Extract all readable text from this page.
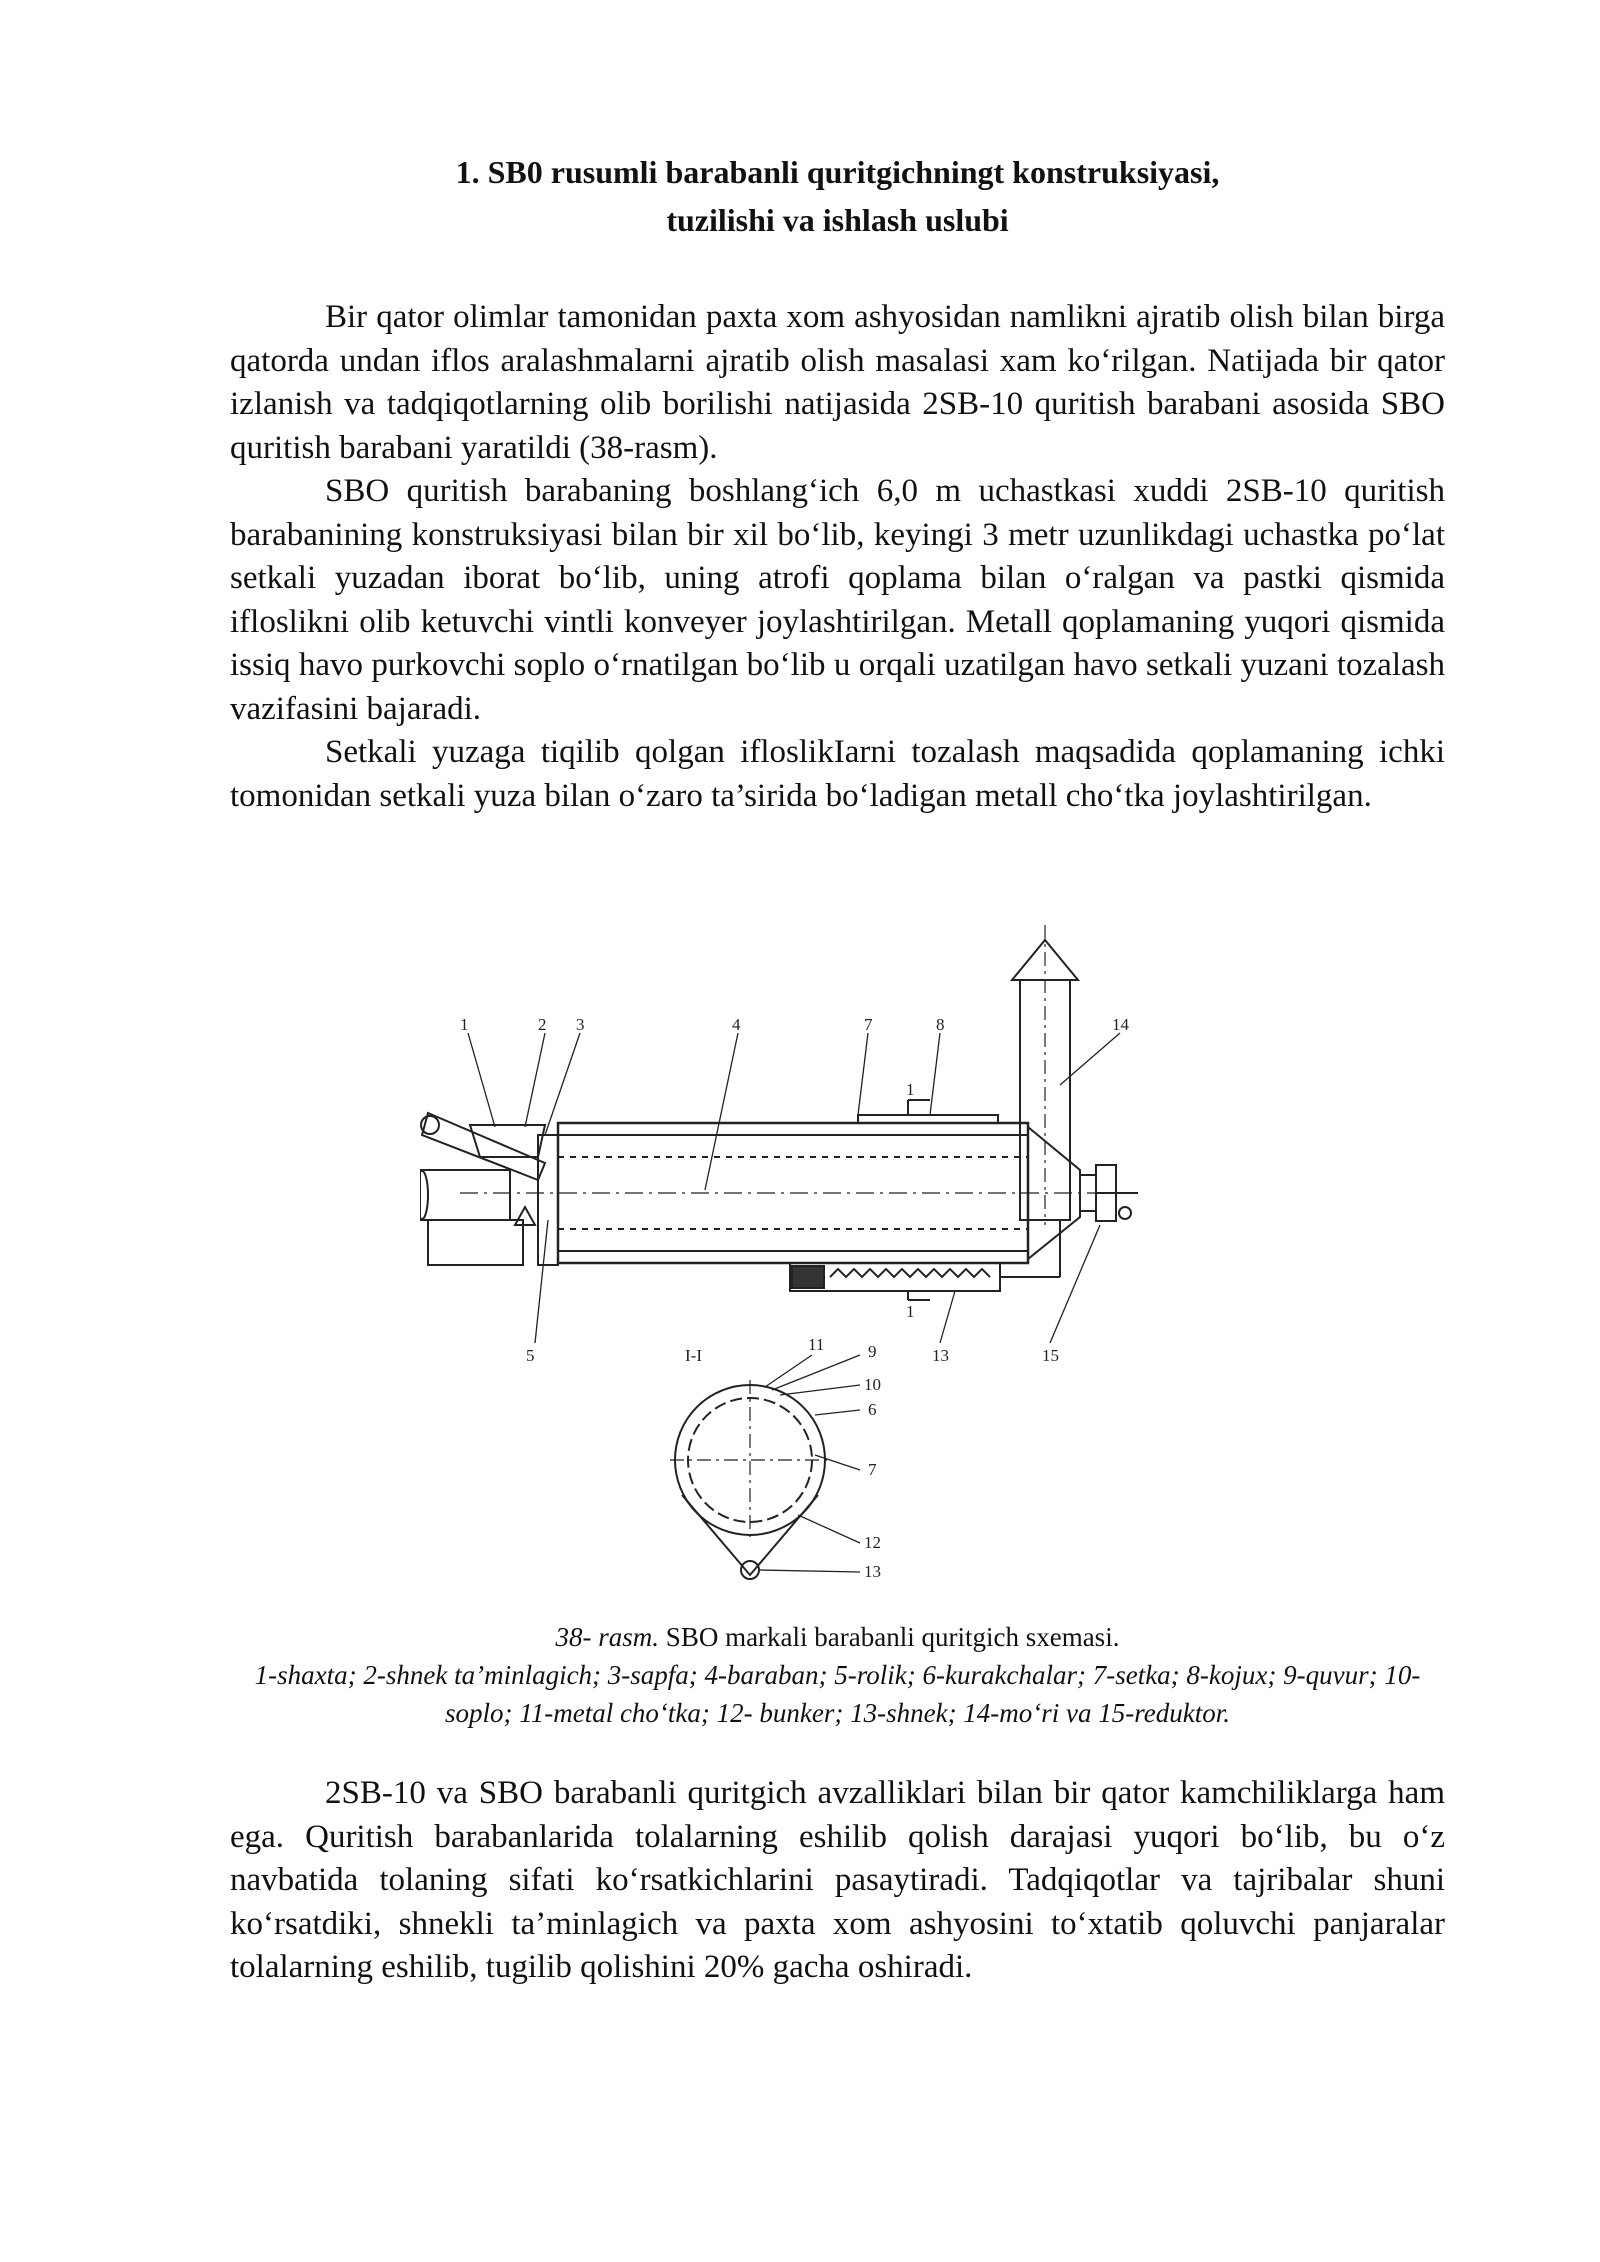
1. SB0 rusumli barabanli quritgichningt konstruksiyasi,
tuzilishi va ishlash uslubi

Bir qator olimlar tamonidan paxta xom ashyosidan namlikni ajratib olish bilan birga qatorda undan iflos aralashmalarni ajratib olish masalasi xam ko‘rilgan. Natijada bir qator izlanish va tadqiqotlarning olib borilishi natijasida 2SB-10 quritish barabani asosida SBO quritish barabani yaratildi (38-rasm).

SBO quritish barabaning boshlang‘ich 6,0 m uchastkasi xuddi 2SB-10 quritish barabanining konstruksiyasi bilan bir xil bo‘lib, keyingi 3 metr uzunlikdagi uchastka po‘lat setkali yuzadan iborat bo‘lib, uning atrofi qoplama bilan o‘ralgan va pastki qismida ifloslikni olib ketuvchi vintli konveyer joylashtirilgan. Metall qoplamaning yuqori qismida issiq havo purkovchi soplo o‘rnatilgan bo‘lib u orqali uzatilgan havo setkali yuzani tozalash vazifasini bajaradi.

Setkali yuzaga tiqilib qolgan ifloslikIarni tozalash maqsadida qoplamaning ichki tomonidan setkali yuza bilan o‘zaro ta’sirida bo‘ladigan metall cho‘tka joylashtirilgan.

1
1
1	2 3	4	7	8	14
5	13	15
I-I
11	9
10
6
7
12
13
38- rasm. SBO markali barabanli quritgich sxemasi.
1-shaxta; 2-shnek ta’minlagich; 3-sapfa; 4-baraban; 5-rolik; 6-kurakchalar; 7-setka; 8-kojux; 9-quvur; 10-soplo; 11-metal cho‘tka; 12- bunker; 13-shnek; 14-mo‘ri va 15-reduktor.

2SB-10 va SBO barabanli quritgich avzalliklari bilan bir qator kamchiliklarga ham ega. Quritish barabanlarida tolalarning eshilib qolish darajasi yuqori bo‘lib, bu o‘z navbatida tolaning sifati ko‘rsatkichlarini pasaytiradi. Tadqiqotlar va tajribalar shuni ko‘rsatdiki, shnekli ta’minlagich va paxta xom ashyosini to‘xtatib qoluvchi panjaralar tolalarning eshilib, tugilib qolishini 20% gacha oshiradi.
